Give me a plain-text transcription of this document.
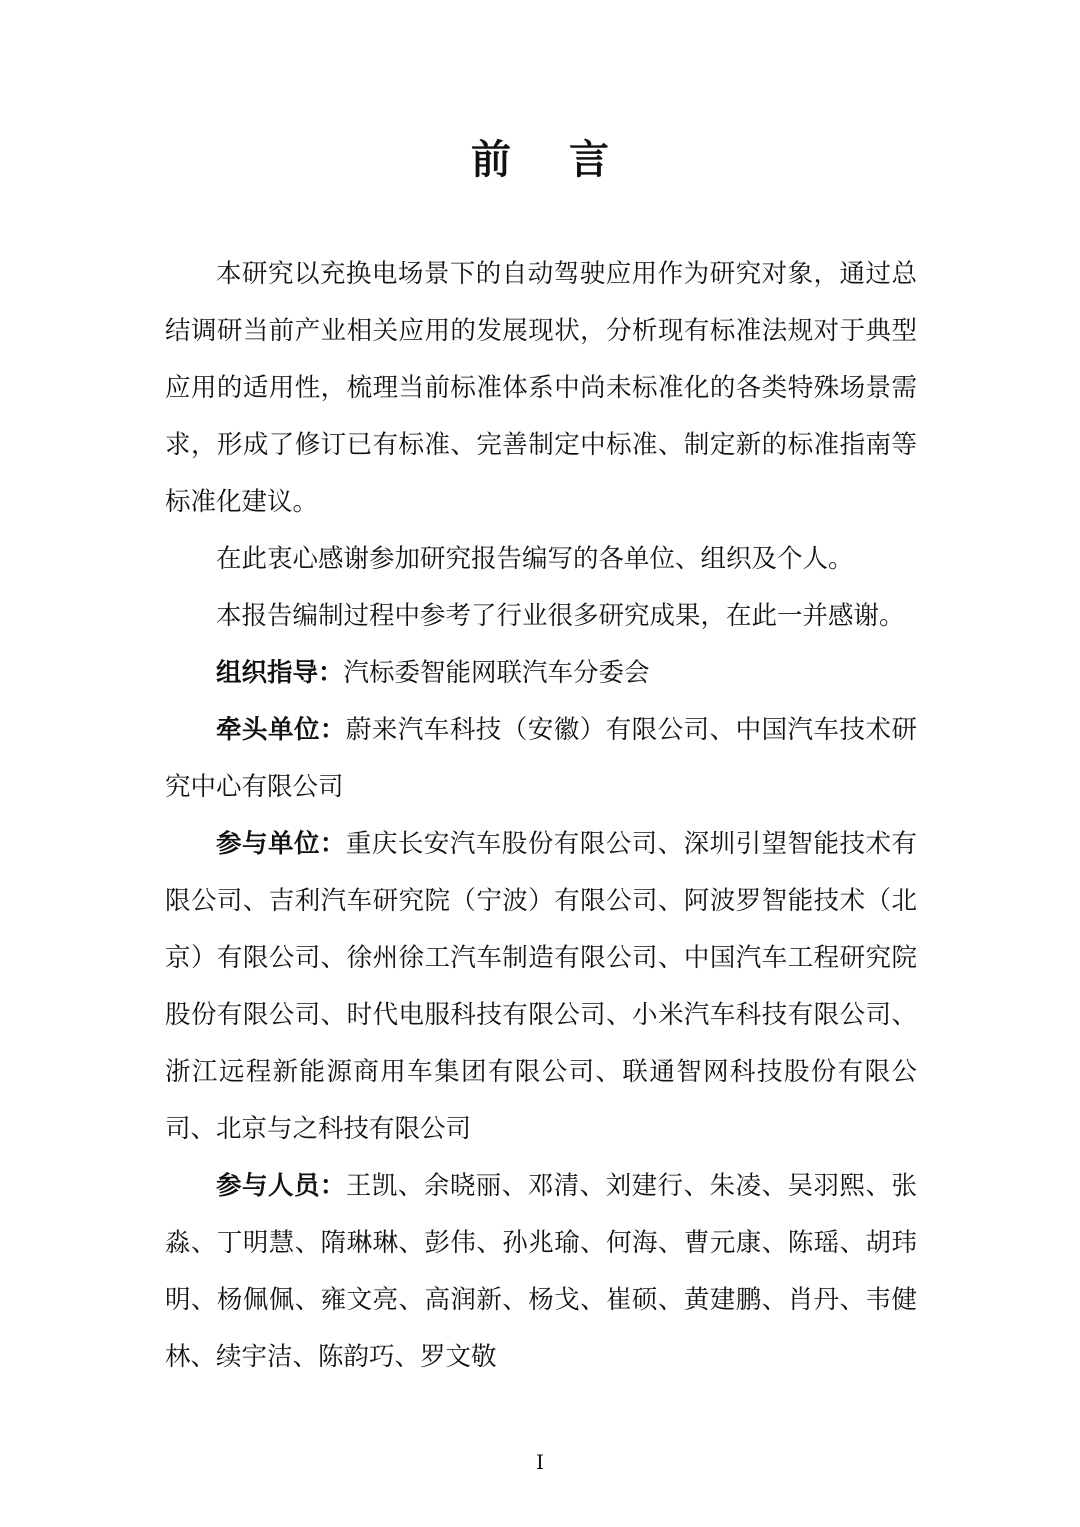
前 言

本研究以充换电场景下的自动驾驶应用作为研究对象，通过总结调研当前产业相关应用的发展现状，分析现有标准法规对于典型应用的适用性，梳理当前标准体系中尚未标准化的各类特殊场景需求，形成了修订已有标准、完善制定中标准、制定新的标准指南等标准化建议。

在此衷心感谢参加研究报告编写的各单位、组织及个人。

本报告编制过程中参考了行业很多研究成果，在此一并感谢。

组织指导：汽标委智能网联汽车分委会

牵头单位：蔚来汽车科技（安徽）有限公司、中国汽车技术研究中心有限公司

参与单位：重庆长安汽车股份有限公司、深圳引望智能技术有限公司、吉利汽车研究院（宁波）有限公司、阿波罗智能技术（北京）有限公司、徐州徐工汽车制造有限公司、中国汽车工程研究院股份有限公司、时代电服科技有限公司、小米汽车科技有限公司、浙江远程新能源商用车集团有限公司、联通智网科技股份有限公司、北京与之科技有限公司

参与人员：王凯、余晓丽、邓清、刘建行、朱凌、吴羽熙、张淼、丁明慧、隋琳琳、彭伟、孙兆瑜、何海、曹元康、陈瑶、胡玮明、杨佩佩、雍文亮、高润新、杨戈、崔硕、黄建鹏、肖丹、韦健林、续宇洁、陈韵巧、罗文敬

I
